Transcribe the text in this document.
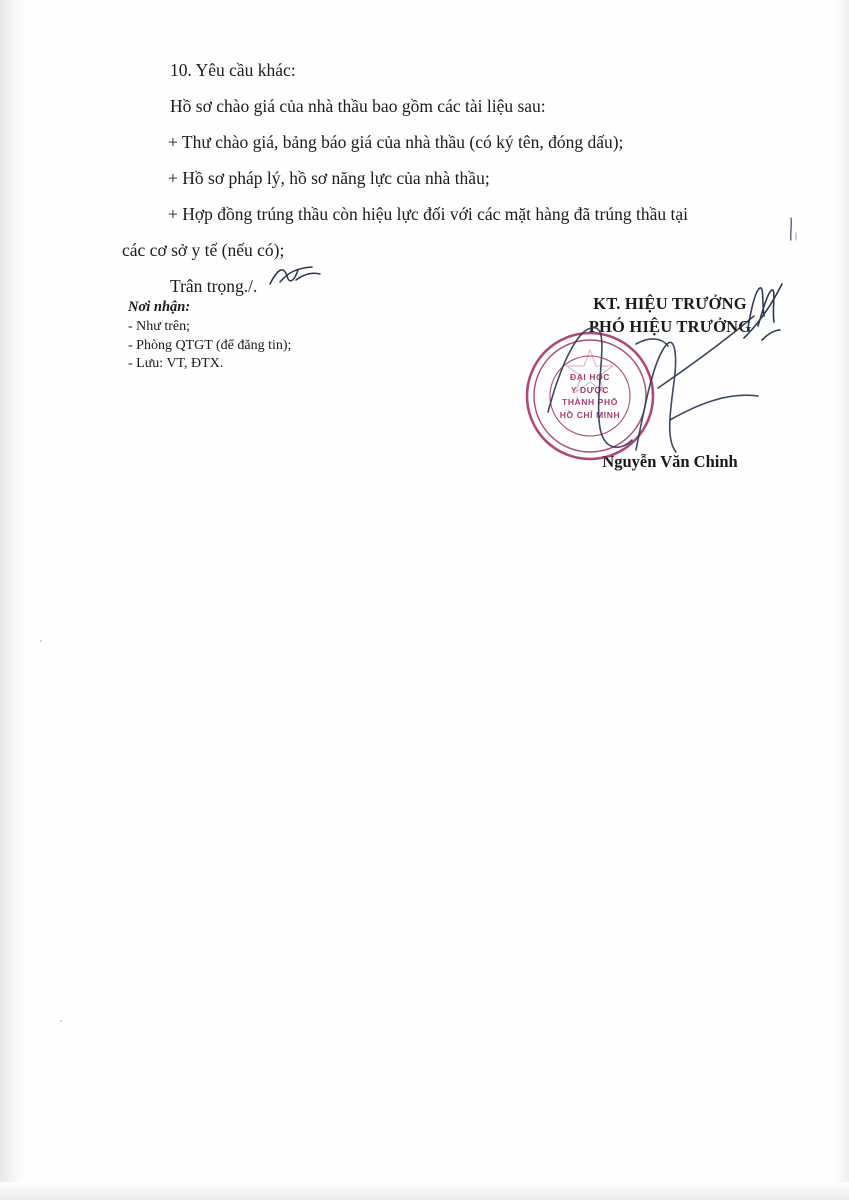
10. Yêu cầu khác:

Hồ sơ chào giá của nhà thầu bao gồm các tài liệu sau:

+ Thư chào giá, bảng báo giá của nhà thầu (có ký tên, đóng dấu);

+ Hồ sơ pháp lý, hồ sơ năng lực của nhà thầu;

+ Hợp đồng trúng thầu còn hiệu lực đối với các mặt hàng đã trúng thầu tại

các cơ sở y tế (nếu có);

Trân trọng./.

Nơi nhận:

- Như trên;

- Phòng QTGT (để đăng tin);

- Lưu: VT, ĐTX.

KT. HIỆU TRƯỞNG

PHÓ HIỆU TRƯỞNG

Nguyễn Văn Chinh
ĐẠI HỌC
Y DƯỢC
THÀNH PHỐ
HỒ CHÍ MINH
